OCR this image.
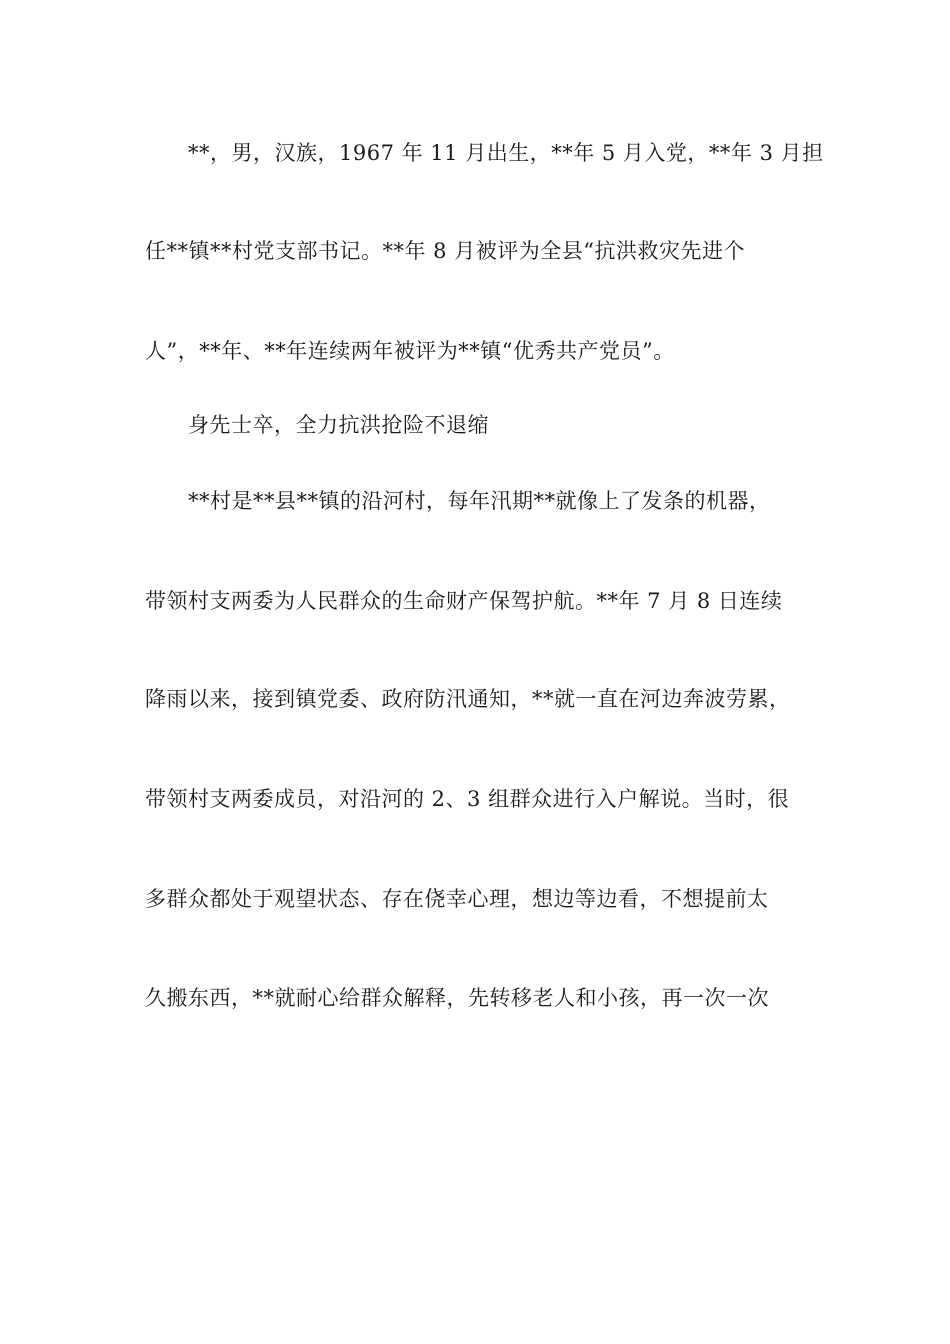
**，男，汉族，1967 年 11 月出生，**年 5 月入党，**年 3 月担
任**镇**村党支部书记。**年 8 月被评为全县“抗洪救灾先进个
人”，**年、**年连续两年被评为**镇“优秀共产党员”。
身先士卒，全力抗洪抢险不退缩
**村是**县**镇的沿河村，每年汛期**就像上了发条的机器，
带领村支两委为人民群众的生命财产保驾护航。**年 7 月 8 日连续
降雨以来，接到镇党委、政府防汛通知，**就一直在河边奔波劳累，
带领村支两委成员，对沿河的 2、3 组群众进行入户解说。当时，很
多群众都处于观望状态、存在侥幸心理，想边等边看，不想提前太
久搬东西，**就耐心给群众解释，先转移老人和小孩，再一次一次
